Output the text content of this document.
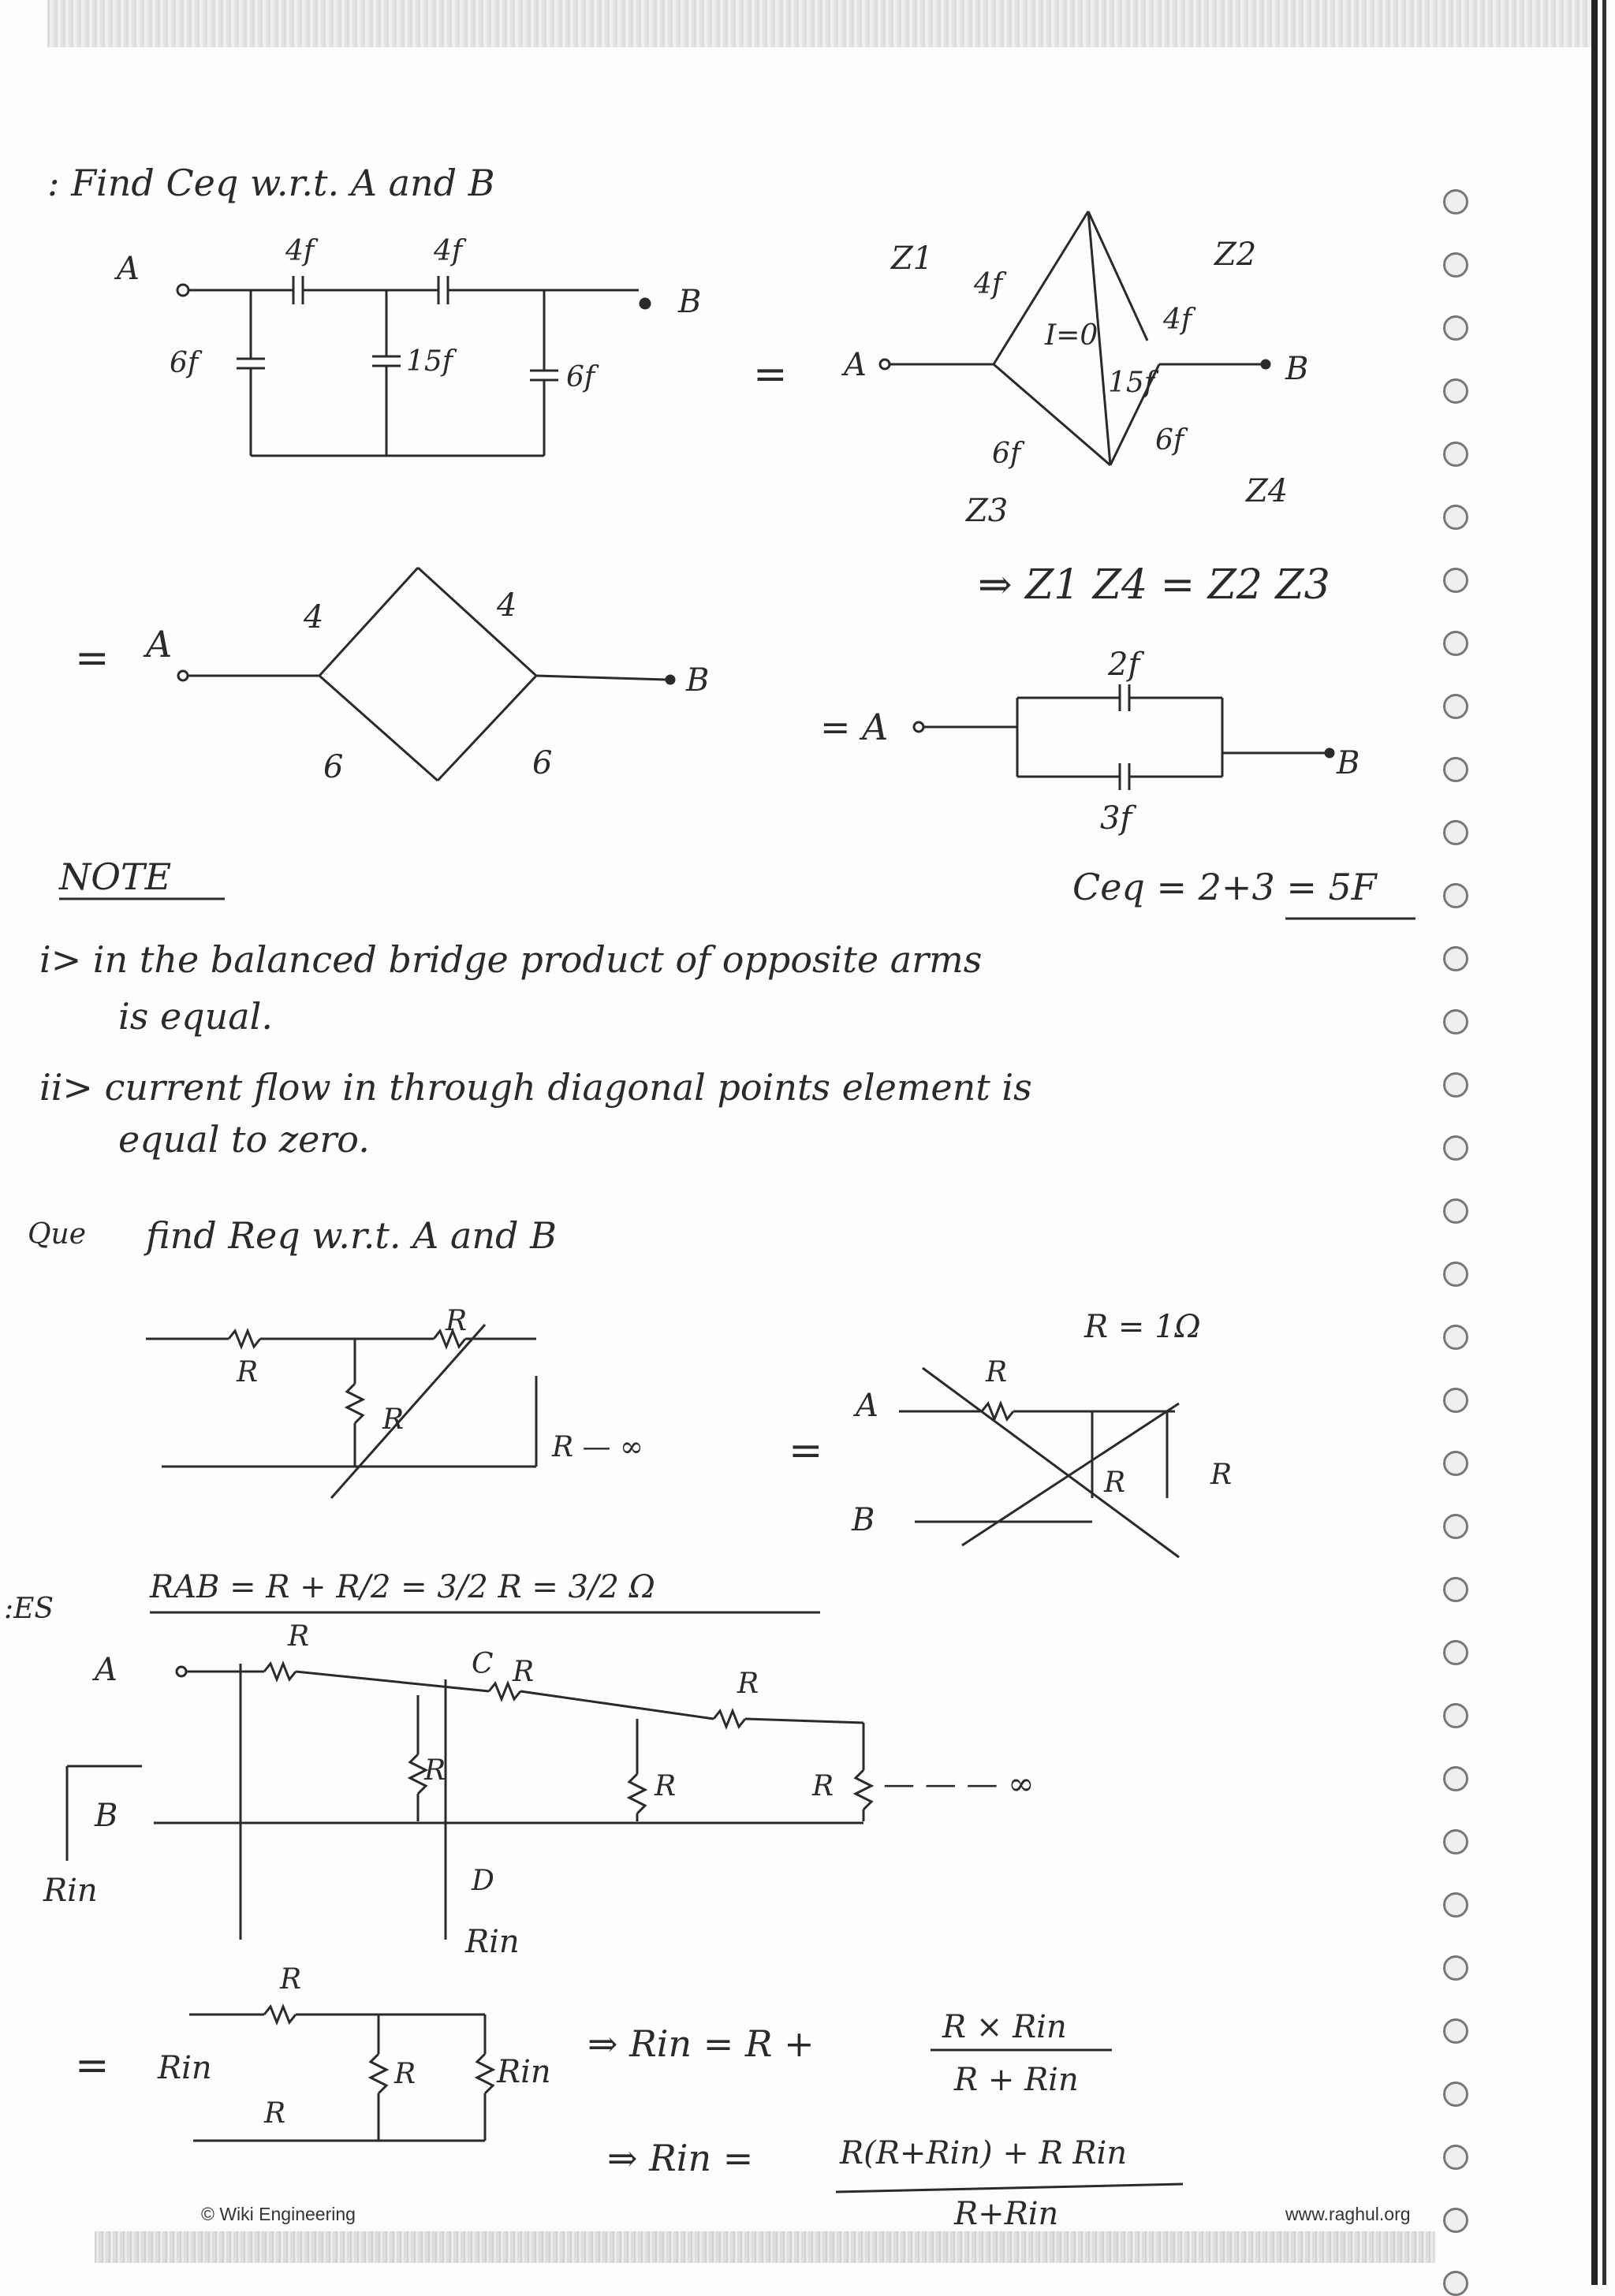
: Find Ceq w.r.t. A and B
A
B
4f	4f
6f	15f	6f	= A	B
4f
4f
15f
6f	6f
I=0
Z1	Z2
Z3
Z4
⇒ Z1 Z4 = Z2 Z3
= A
B
4	4
6	6
= A
B
2f
3f
Ceq = 2+3 = 5F
NOTE
i> in the balanced bridge product of opposite arms
is equal.
ii> current flow in through diagonal points element is
equal to zero.
Que find Req w.r.t. A and B
R
R
R
R — ∞	=
R = 1Ω
A
B
R
R	R
RAB = R + R/2 = 3/2 R = 3/2 Ω
:ES
A
B
C
D
R
R	R
R	R	R — — — ∞
Rin
Rin
= Rin
R
R
R
Rin
⇒ Rin = R +	R × Rin
R + Rin
⇒ Rin =	R(R+Rin) + R Rin
R+Rin
© Wiki Engineering	www.raghul.org
